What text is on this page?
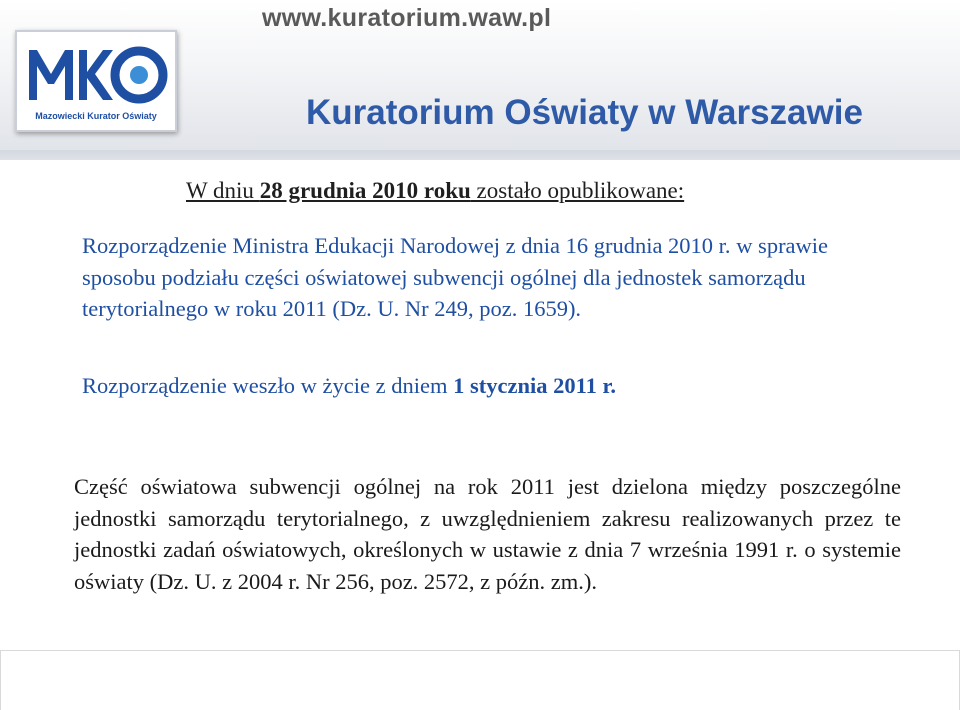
www.kuratorium.waw.pl
Mazowiecki Kurator Oświaty	Kuratorium Oświaty w Warszawie
W dniu 28 grudnia 2010 roku zostało opublikowane:
Rozporządzenie Ministra Edukacji Narodowej z dnia 16 grudnia 2010 r. w sprawie sposobu podziału części oświatowej subwencji ogólnej dla jednostek samorządu terytorialnego w roku 2011 (Dz. U. Nr 249, poz. 1659).
Rozporządzenie weszło w życie z dniem 1 stycznia 2011 r.
Część oświatowa subwencji ogólnej na rok 2011 jest dzielona między poszczególne jednostki samorządu terytorialnego, z uwzględnieniem zakresu realizowanych przez te jednostki zadań oświatowych, określonych w ustawie z dnia 7 września 1991 r. o systemie oświaty (Dz. U. z 2004 r. Nr 256, poz. 2572, z późn. zm.).
